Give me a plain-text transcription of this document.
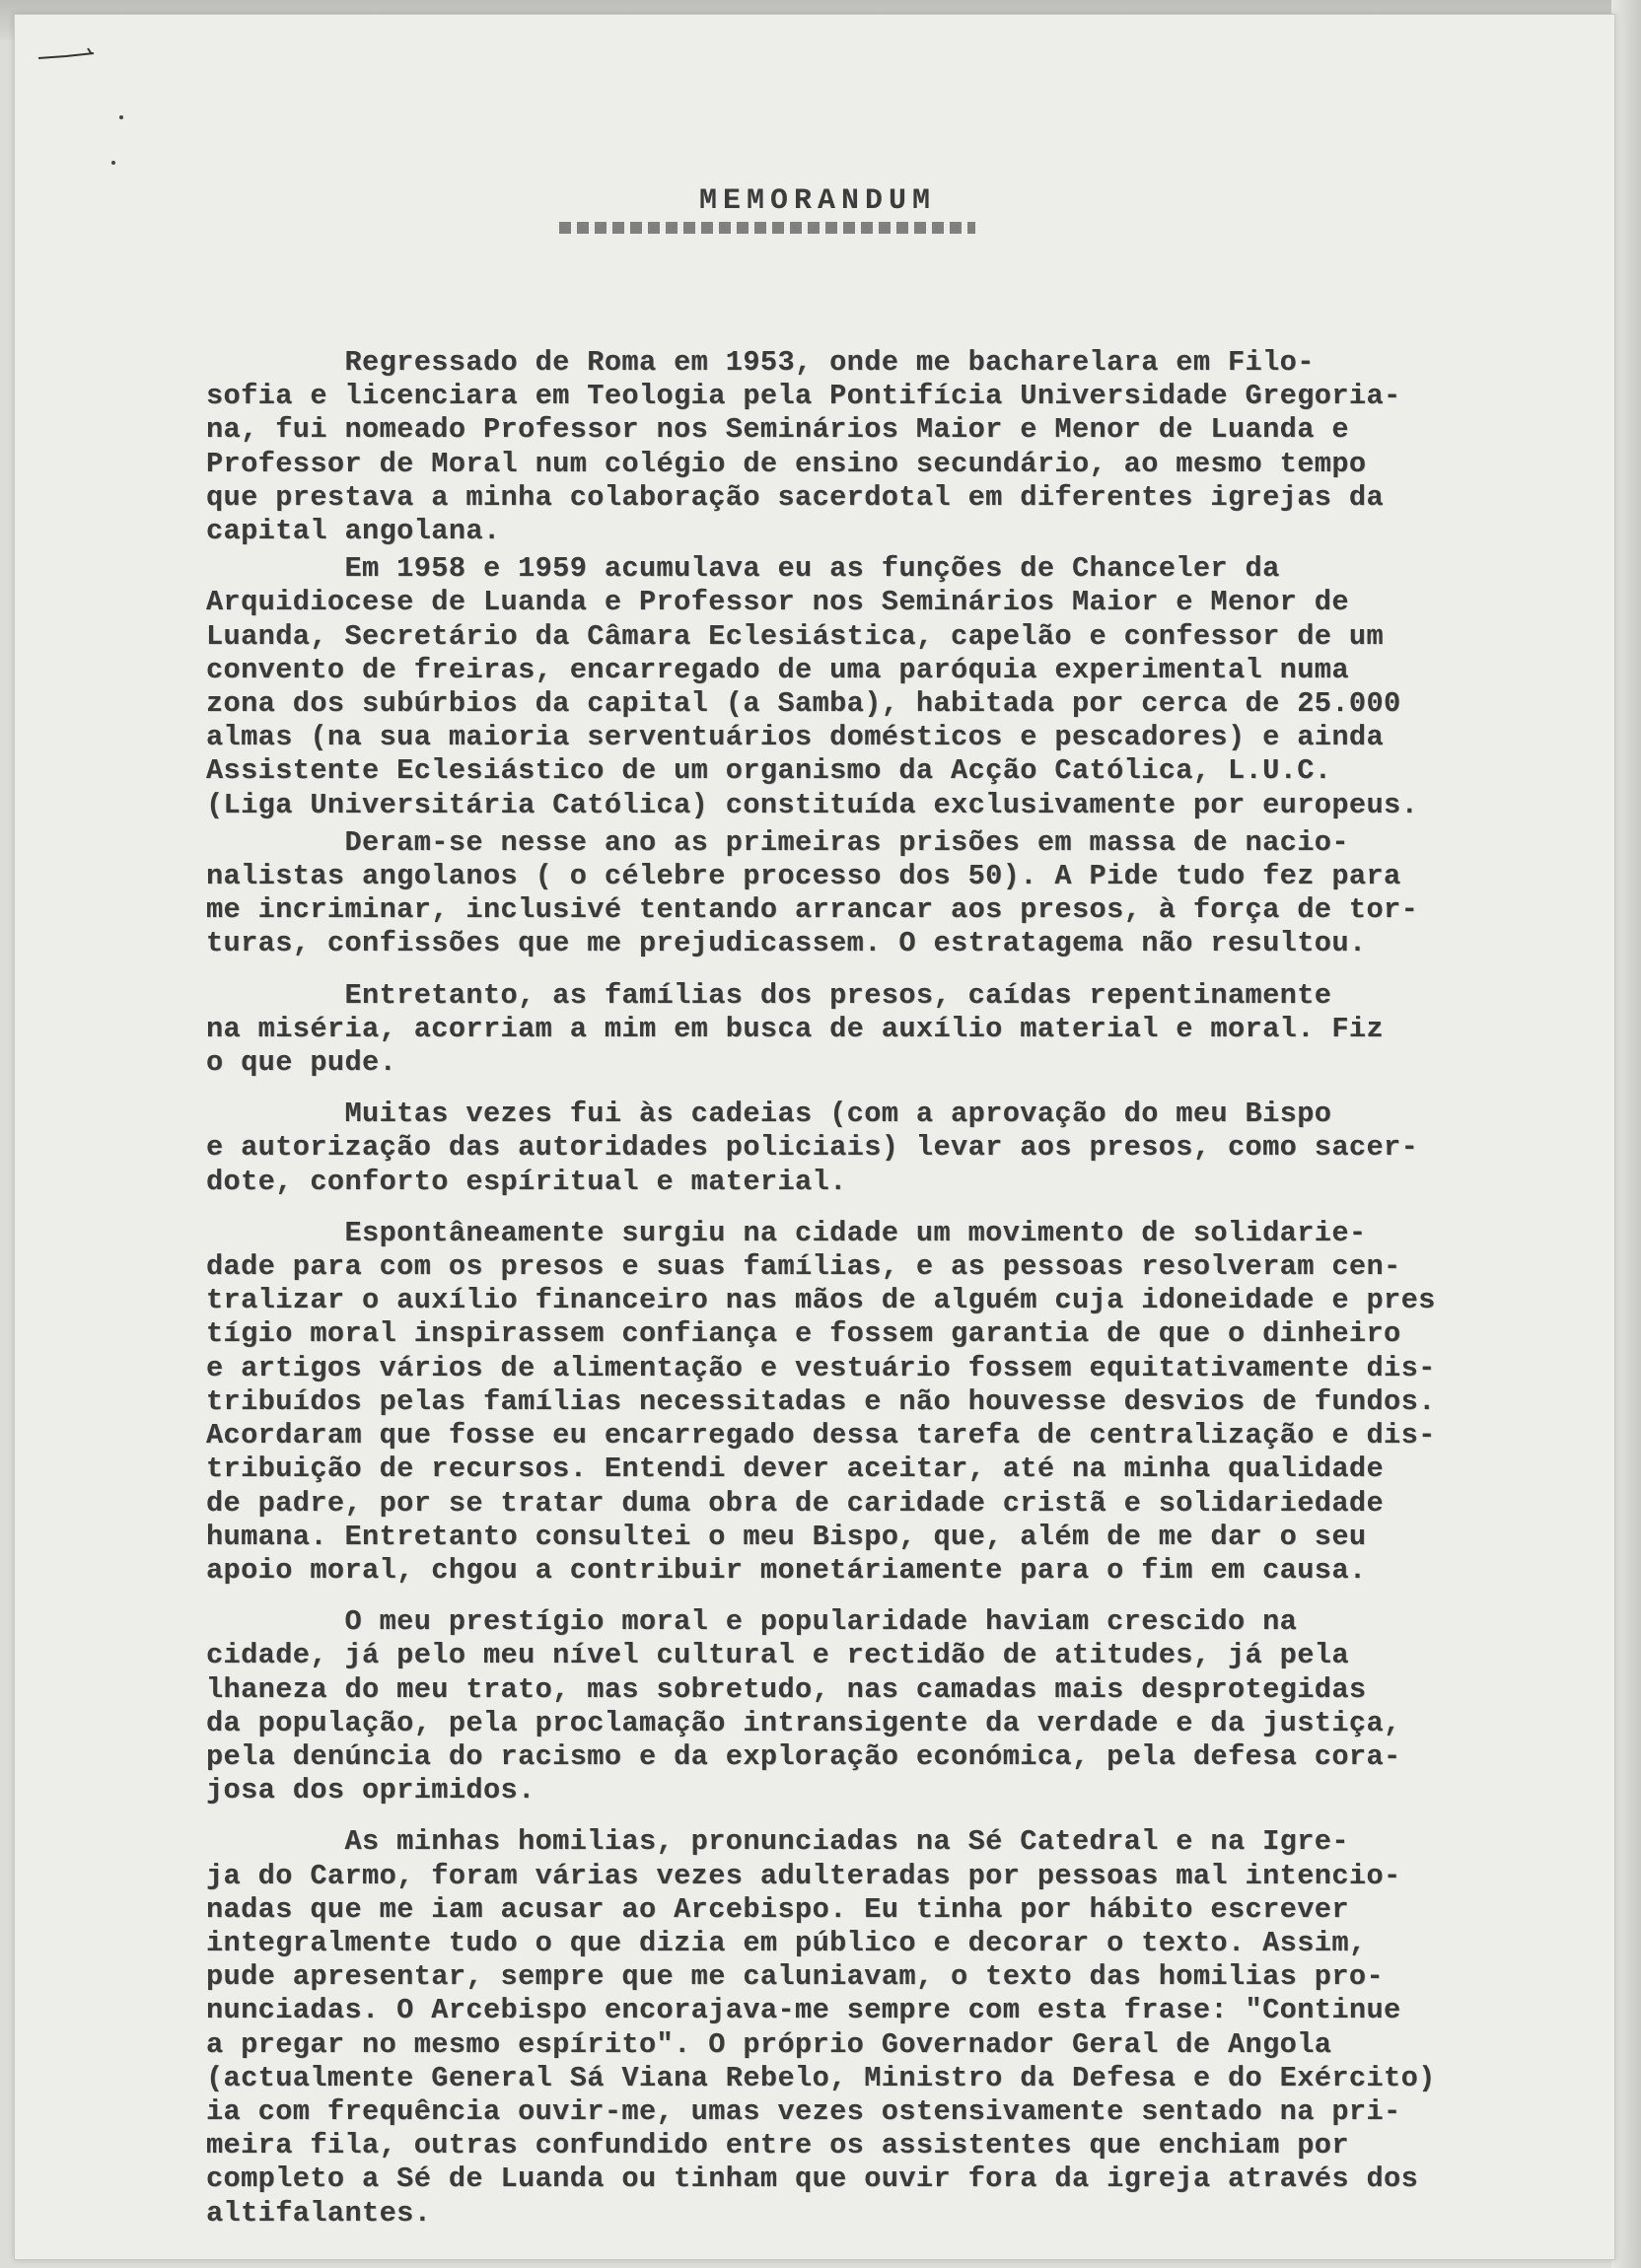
MEMORANDUM
Regressado de Roma em 1953, onde me bacharelara em Filo-
sofia e licenciara em Teologia pela Pontifícia Universidade Gregoria-
na, fui nomeado Professor nos Seminários Maior e Menor de Luanda e
Professor de Moral num colégio de ensino secundário, ao mesmo tempo
que prestava a minha colaboração sacerdotal em diferentes igrejas da
capital angolana.
Em 1958 e 1959 acumulava eu as funções de Chanceler da
Arquidiocese de Luanda e Professor nos Seminários Maior e Menor de
Luanda, Secretário da Câmara Eclesiástica, capelão e confessor de um
convento de freiras, encarregado de uma paróquia experimental numa
zona dos subúrbios da capital (a Samba), habitada por cerca de 25.000
almas (na sua maioria serventuários domésticos e pescadores) e ainda
Assistente Eclesiástico de um organismo da Acção Católica, L.U.C.
(Liga Universitária Católica) constituída exclusivamente por europeus.
Deram-se nesse ano as primeiras prisões em massa de nacio-
nalistas angolanos ( o célebre processo dos 50). A Pide tudo fez para
me incriminar, inclusivé tentando arrancar aos presos, à força de tor-
turas, confissões que me prejudicassem. O estratagema não resultou.
Entretanto, as famílias dos presos, caídas repentinamente
na miséria, acorriam a mim em busca de auxílio material e moral. Fiz
o que pude.
Muitas vezes fui às cadeias (com a aprovação do meu Bispo
e autorização das autoridades policiais) levar aos presos, como sacer-
dote, conforto espíritual e material.
Espontâneamente surgiu na cidade um movimento de solidarie-
dade para com os presos e suas famílias, e as pessoas resolveram cen-
tralizar o auxílio financeiro nas mãos de alguém cuja idoneidade e pres
tígio moral inspirassem confiança e fossem garantia de que o dinheiro
e artigos vários de alimentação e vestuário fossem equitativamente dis-
tribuídos pelas famílias necessitadas e não houvesse desvios de fundos.
Acordaram que fosse eu encarregado dessa tarefa de centralização e dis-
tribuição de recursos. Entendi dever aceitar, até na minha qualidade
de padre, por se tratar duma obra de caridade cristã e solidariedade
humana. Entretanto consultei o meu Bispo, que, além de me dar o seu
apoio moral, chgou a contribuir monetáriamente para o fim em causa.
O meu prestígio moral e popularidade haviam crescido na
cidade, já pelo meu nível cultural e rectidão de atitudes, já pela
lhaneza do meu trato, mas sobretudo, nas camadas mais desprotegidas
da população, pela proclamação intransigente da verdade e da justiça,
pela denúncia do racismo e da exploração económica, pela defesa cora-
josa dos oprimidos.
As minhas homilias, pronunciadas na Sé Catedral e na Igre-
ja do Carmo, foram várias vezes adulteradas por pessoas mal intencio-
nadas que me iam acusar ao Arcebispo. Eu tinha por hábito escrever
integralmente tudo o que dizia em público e decorar o texto. Assim,
pude apresentar, sempre que me caluniavam, o texto das homilias pro-
nunciadas. O Arcebispo encorajava-me sempre com esta frase: "Continue
a pregar no mesmo espírito". O próprio Governador Geral de Angola
(actualmente General Sá Viana Rebelo, Ministro da Defesa e do Exército)
ia com frequência ouvir-me, umas vezes ostensivamente sentado na pri-
meira fila, outras confundido entre os assistentes que enchiam por
completo a Sé de Luanda ou tinham que ouvir fora da igreja através dos
altifalantes.
